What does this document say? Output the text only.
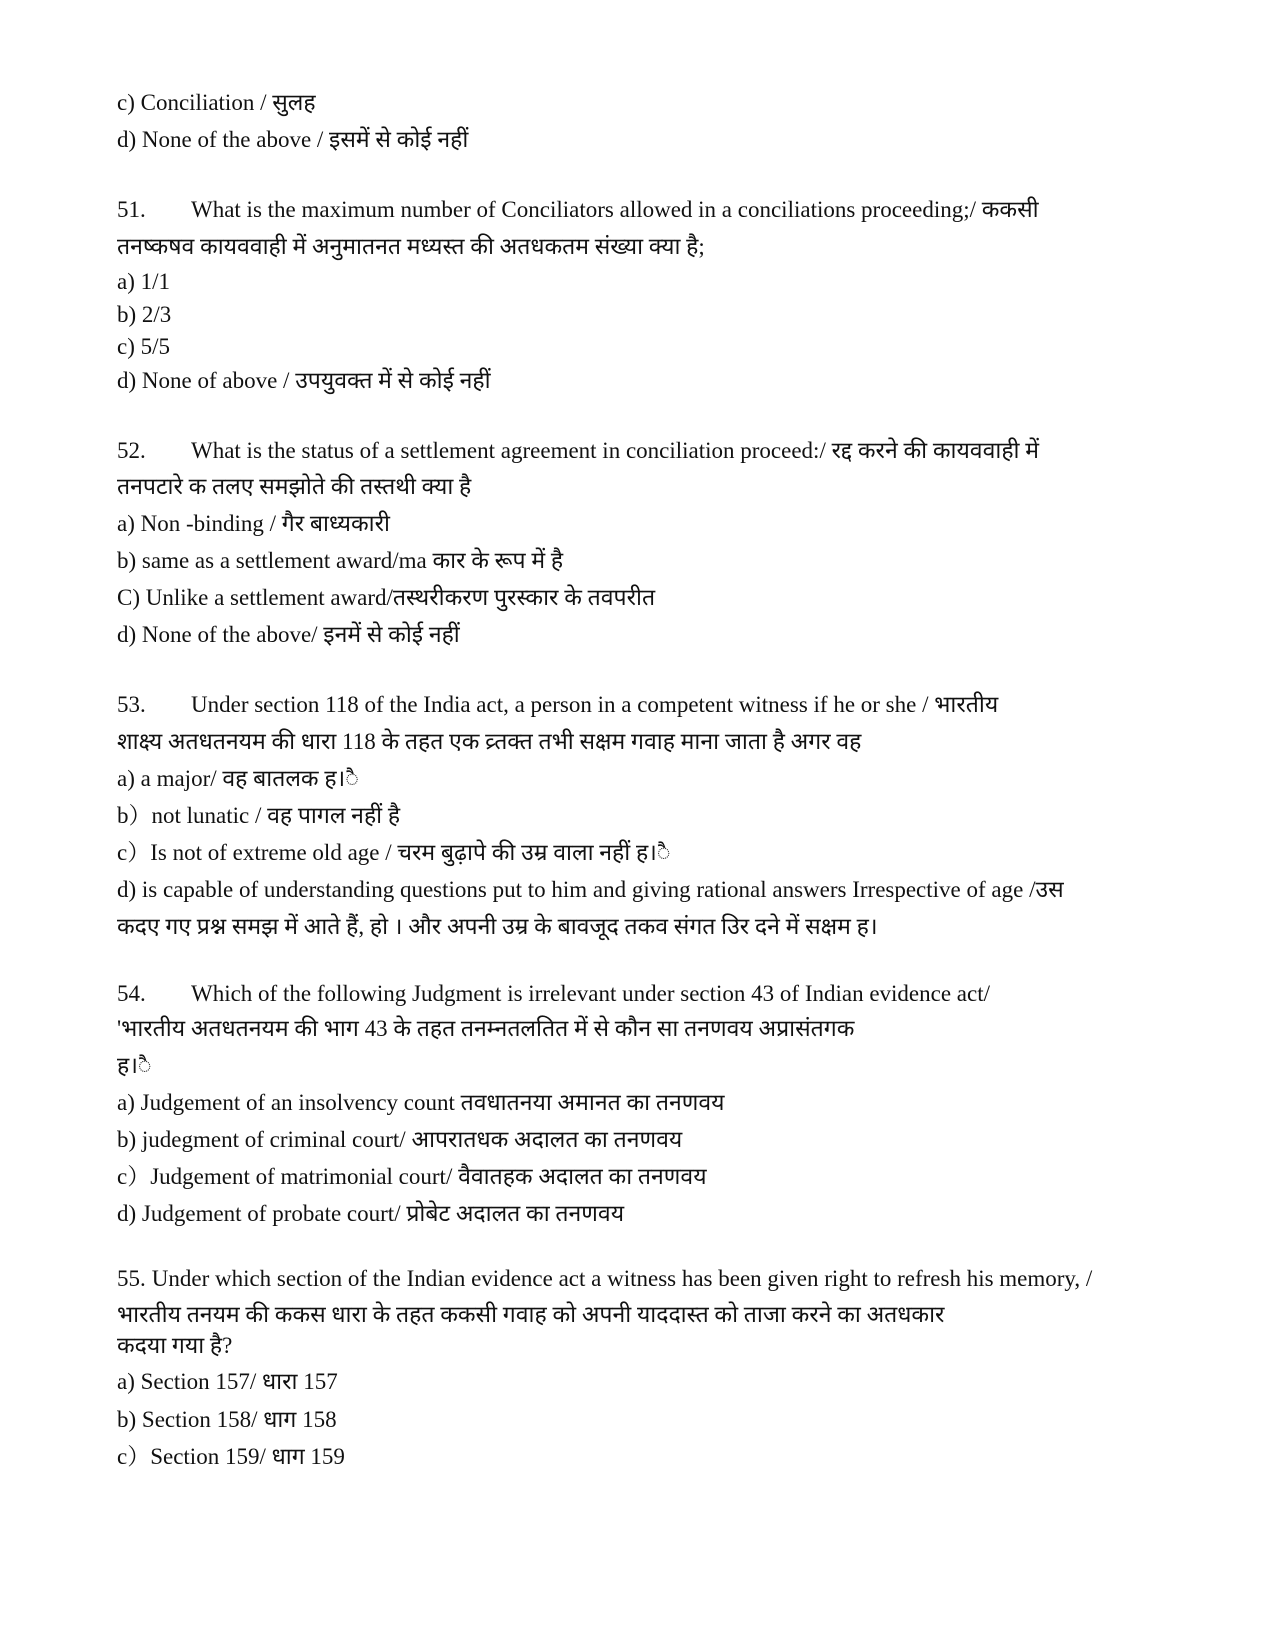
c) Conciliation / सुलह
d) None of the above / इसमें से कोई नहीं
51. What is the maximum number of Conciliators allowed in a conciliations proceeding;/ ककसी
तनष्कषव कायववाही में अनुमातनत मध्यस्त की अतधकतम संख्या क्या है;
a) 1/1
b) 2/3
c) 5/5
d) None of above / उपयुवक्त में से कोई नहीं
52. What is the status of a settlement agreement in conciliation proceed:/ रद्द करने की कायववाही में
तनपटारे क तलए समझोते की तस्तथी क्या है
a) Non -binding / गैर बाध्यकारी
b) same as a settlement award/ma कार के रूप में है
C) Unlike a settlement award/तस्थरीकरण पुरस्कार के तवपरीत
d) None of the above/ इनमें से कोई नहीं
53. Under section 118 of the India act, a person in a competent witness if he or she / भारतीय
शाक्ष्य अतधतनयम की धारा 118 के तहत एक व्र्तक्त तभी सक्षम गवाह माना जाता है अगर वह
a) a major/ वह बातलक ह।ै
b）not lunatic / वह पागल नहीं है
c）Is not of extreme old age / चरम बुढ़ापे की उम्र वाला नहीं ह।ै
d) is capable of understanding questions put to him and giving rational answers Irrespective of age /उस
कदए गए प्रश्न समझ में आते हैं, हो । और अपनी उम्र के बावजूद तकव संगत उिर दने में सक्षम ह।
54. Which of the following Judgment is irrelevant under section 43 of Indian evidence act/
'भारतीय अतधतनयम की भाग 43 के तहत तनम्नतलतित में से कौन सा तनणवय अप्रासंतगक
ह।ै
a) Judgement of an insolvency count तवधातनया अमानत का तनणवय
b) judegment of criminal court/ आपरातधक अदालत का तनणवय
c）Judgement of matrimonial court/ वैवातहक अदालत का तनणवय
d) Judgement of probate court/ प्रोबेट अदालत का तनणवय
55. Under which section of the Indian evidence act a witness has been given right to refresh his memory, /
भारतीय तनयम की ककस धारा के तहत ककसी गवाह को अपनी याददास्त को ताजा करने का अतधकार
कदया गया है?
a) Section 157/ धारा 157
b) Section 158/ धाग 158
c）Section 159/ धाग 159
